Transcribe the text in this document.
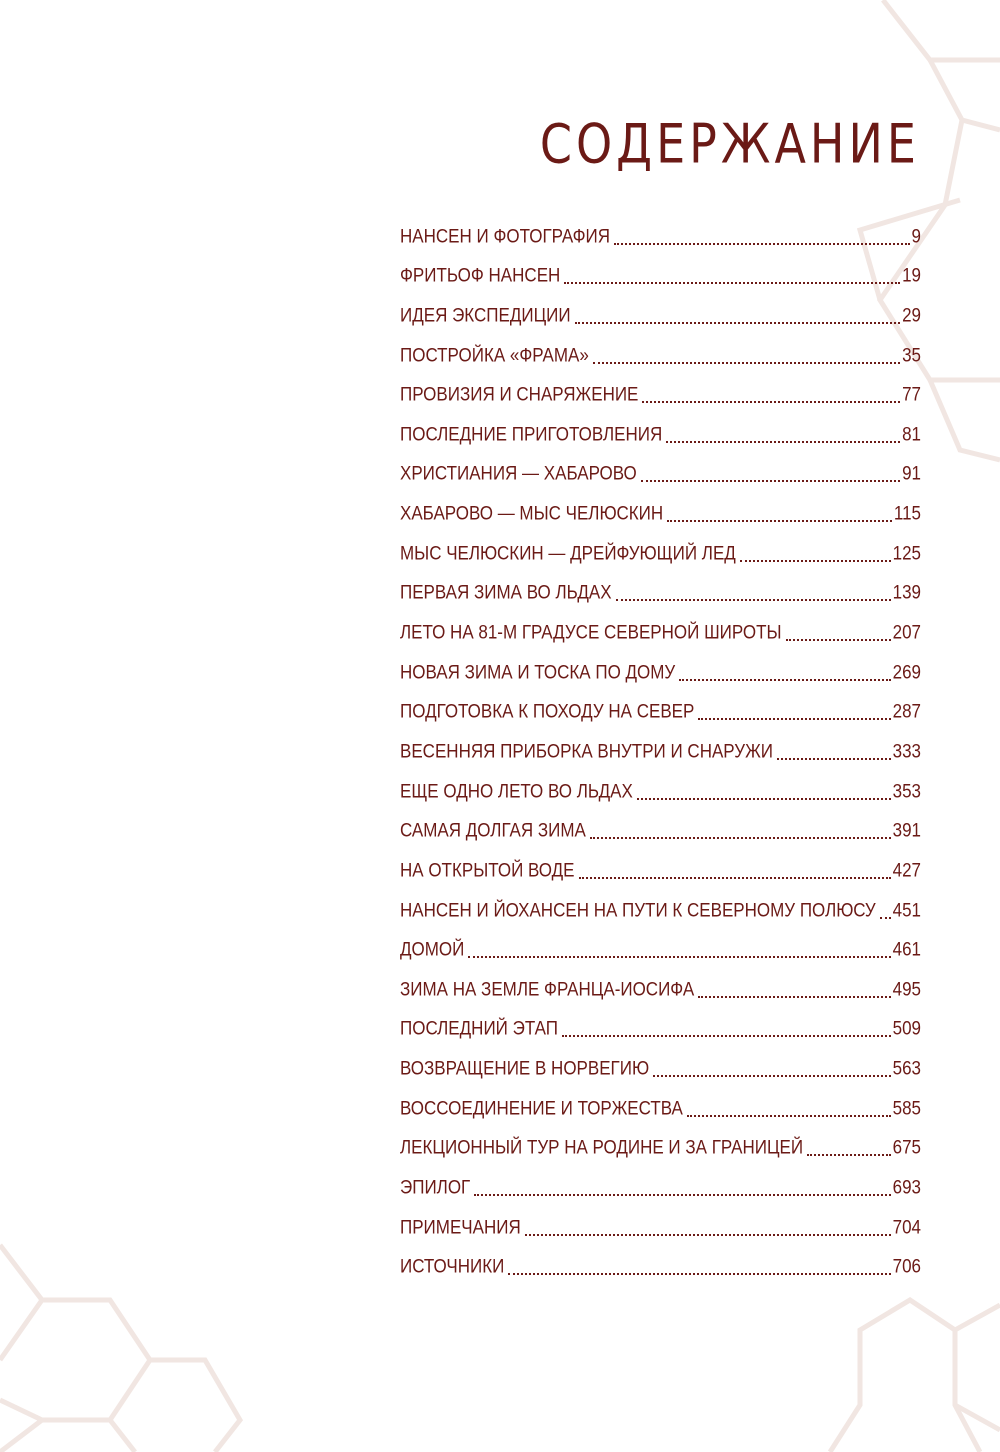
СОДЕРЖАНИЕ
НАНСЕН И ФОТОГРАФИЯ	9
ФРИТЬОФ НАНСЕН	19
ИДЕЯ ЭКСПЕДИЦИИ	29
ПОСТРОЙКА «ФРАМА»	35
ПРОВИЗИЯ И СНАРЯЖЕНИЕ	77
ПОСЛЕДНИЕ ПРИГОТОВЛЕНИЯ	81
ХРИСТИАНИЯ — ХАБАРОВО	91
ХАБАРОВО — МЫС ЧЕЛЮСКИН	115
МЫС ЧЕЛЮСКИН — ДРЕЙФУЮЩИЙ ЛЕД	125
ПЕРВАЯ ЗИМА ВО ЛЬДАХ	139
ЛЕТО НА 81-М ГРАДУСЕ СЕВЕРНОЙ ШИРОТЫ	207
НОВАЯ ЗИМА И ТОСКА ПО ДОМУ	269
ПОДГОТОВКА К ПОХОДУ НА СЕВЕР	287
ВЕСЕННЯЯ ПРИБОРКА ВНУТРИ И СНАРУЖИ	333
ЕЩЕ ОДНО ЛЕТО ВО ЛЬДАХ	353
САМАЯ ДОЛГАЯ ЗИМА	391
НА ОТКРЫТОЙ ВОДЕ	427
НАНСЕН И ЙОХАНСЕН НА ПУТИ К СЕВЕРНОМУ ПОЛЮСУ 451
ДОМОЙ	461
ЗИМА НА ЗЕМЛЕ ФРАНЦА-ИОСИФА	495
ПОСЛЕДНИЙ ЭТАП	509
ВОЗВРАЩЕНИЕ В НОРВЕГИЮ	563
ВОССОЕДИНЕНИЕ И ТОРЖЕСТВА	585
ЛЕКЦИОННЫЙ ТУР НА РОДИНЕ И ЗА ГРАНИЦЕЙ	675
ЭПИЛОГ	693
ПРИМЕЧАНИЯ	704
ИСТОЧНИКИ	706
